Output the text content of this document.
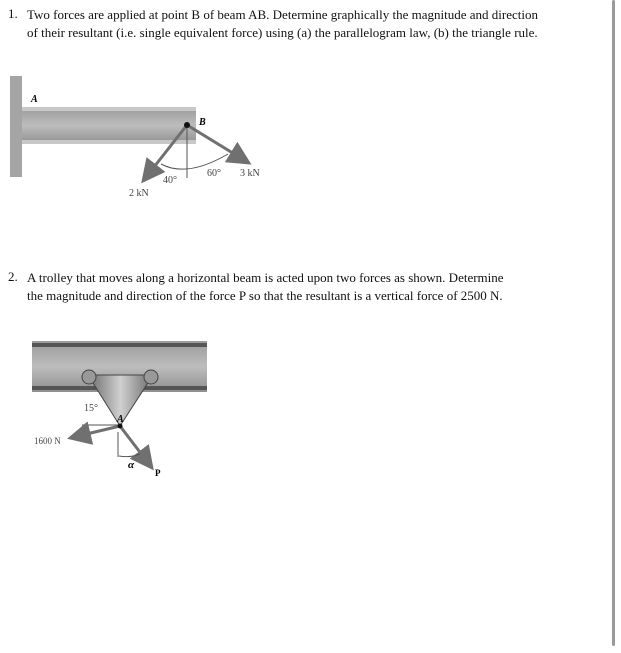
1. Two forces are applied at point B of beam AB. Determine graphically the magnitude and direction of their resultant (i.e. single equivalent force) using (a) the parallelogram law, (b) the triangle rule.
A
B
40°
60° 3 kN
2 kN
15°
A
1600 N
α
P
2. A trolley that moves along a horizontal beam is acted upon two forces as shown. Determine the magnitude and direction of the force P so that the resultant is a vertical force of 2500 N.
